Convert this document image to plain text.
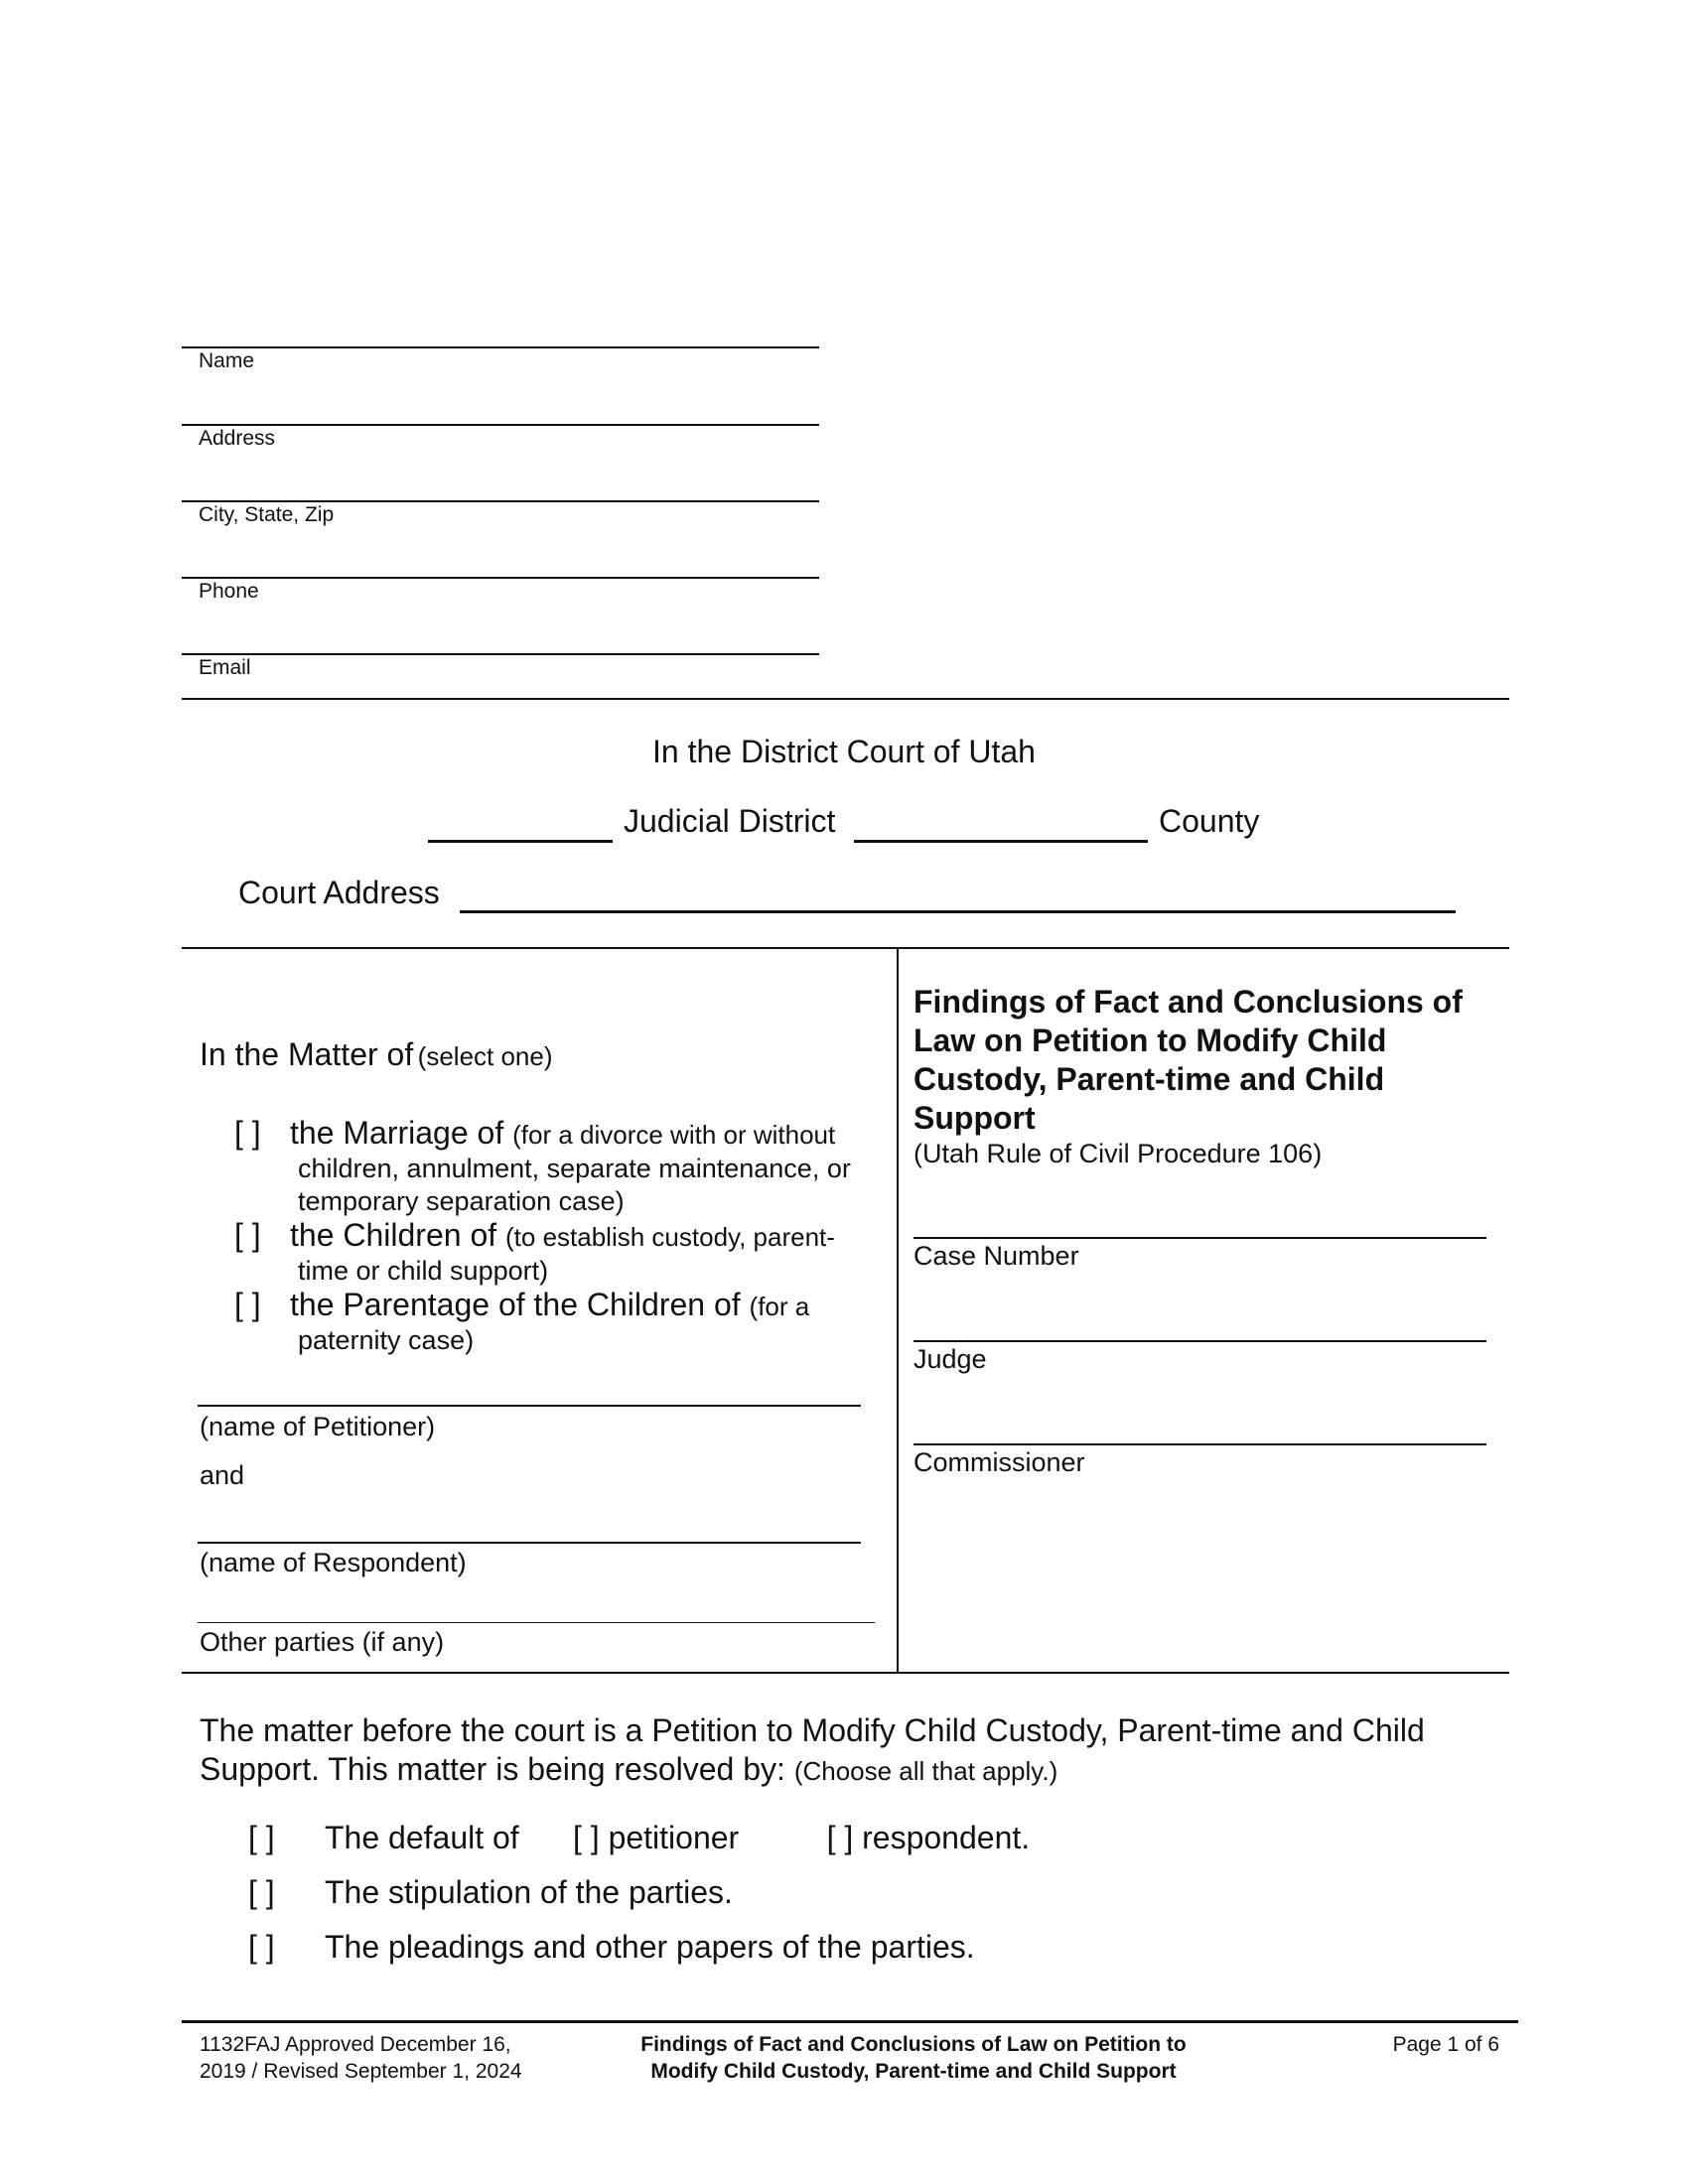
Name
Address
City, State, Zip
Phone
Email
In the District Court of Utah
Judicial District	County
Court Address
In the Matter of (select one)
[ ] the Marriage of (for a divorce with or without
children, annulment, separate maintenance, or
temporary separation case)
[ ] the Children of (to establish custody, parent-
time or child support)
[ ] the Parentage of the Children of (for a
paternity case)
(name of Petitioner)
and
(name of Respondent)
Other parties (if any)
Findings of Fact and Conclusions of
Law on Petition to Modify Child
Custody, Parent-time and Child
Support
(Utah Rule of Civil Procedure 106)
Case Number
Judge
Commissioner
The matter before the court is a Petition to Modify Child Custody, Parent-time and Child
Support. This matter is being resolved by: (Choose all that apply.)
[ ] The default of [ ] petitioner	[ ] respondent.
[ ] The stipulation of the parties.
[ ] The pleadings and other papers of the parties.
1132FAJ Approved December 16,
2019 / Revised September 1, 2024
Findings of Fact and Conclusions of Law on Petition to
Modify Child Custody, Parent-time and Child Support
Page 1 of 6
